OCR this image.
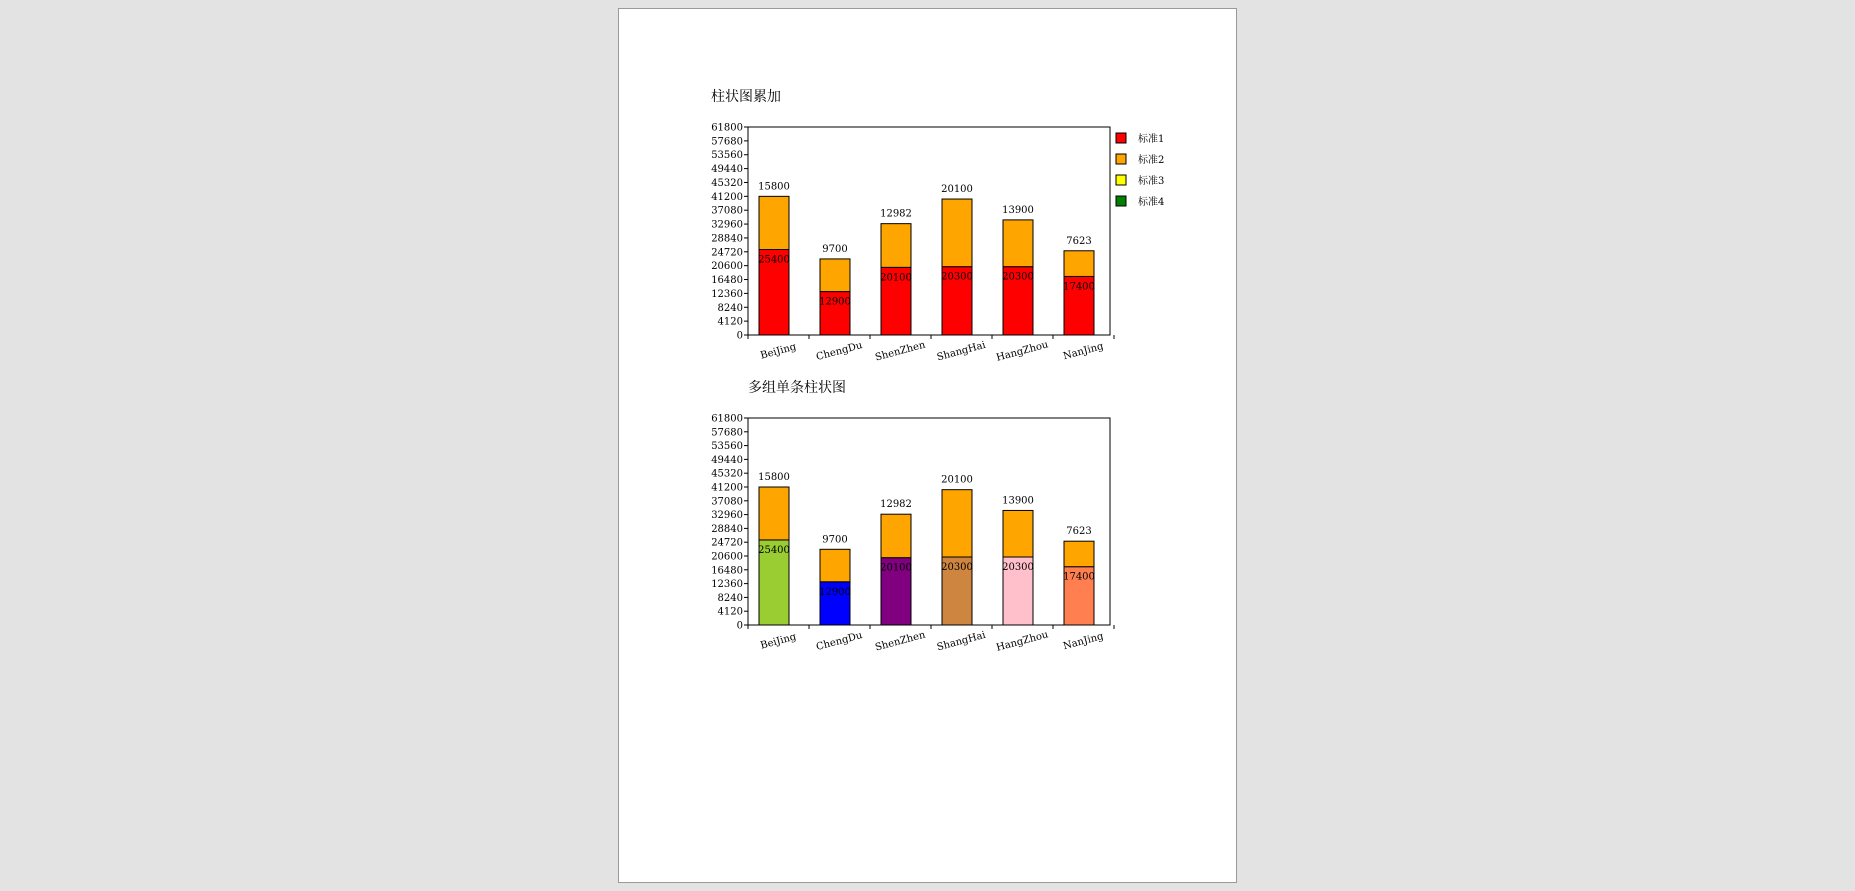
柱状图累加
0
4120
8240
12360
16480
20600
24720
28840
32960
37080
41200
45320
49440
53560
57680
61800
25400
15800
BeiJing
12900
9700
ChengDu
20100
12982
ShenZhen
20300
20100
ShangHai
20300
13900
HangZhou
17400
7623
NanJing
标准1
标准2
标准3
标准4
多组单条柱状图
0
4120
8240
12360
16480
20600
24720
28840
32960
37080
41200
45320
49440
53560
57680
61800
25400
15800
BeiJing
12900
9700
ChengDu
20100
12982
ShenZhen
20300
20100
ShangHai
20300
13900
HangZhou
17400
7623
NanJing
